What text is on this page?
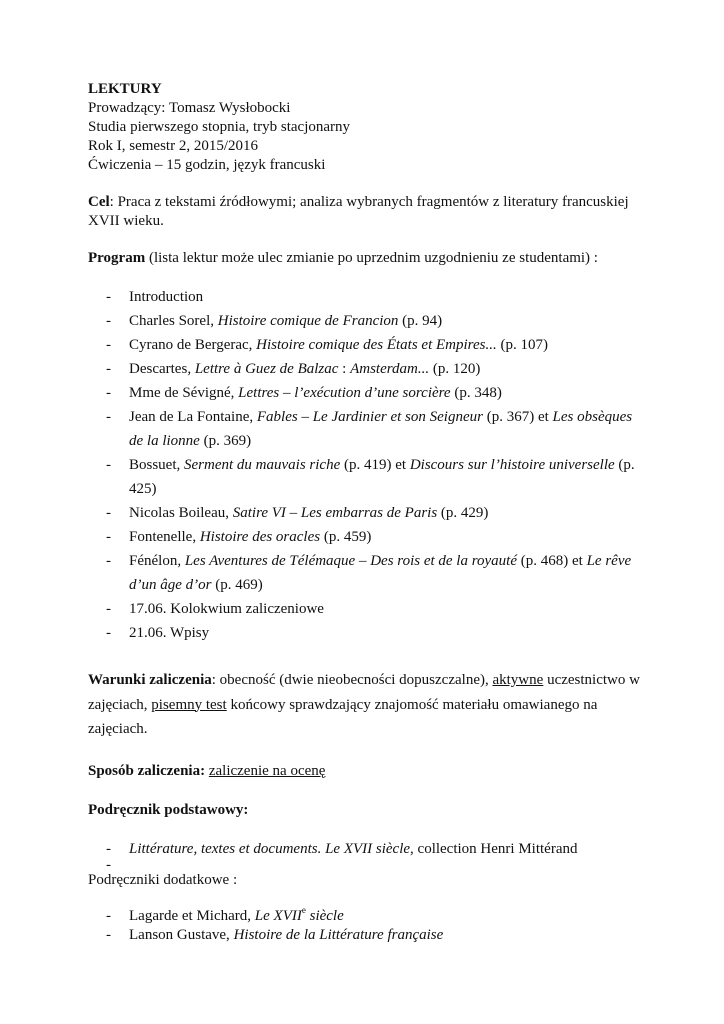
LEKTURY
Prowadzący: Tomasz Wysłobocki
Studia pierwszego stopnia, tryb stacjonarny
Rok I, semestr 2, 2015/2016
Ćwiczenia – 15 godzin, język francuski

Cel: Praca z tekstami źródłowymi; analiza wybranych fragmentów z literatury francuskiej XVII wieku.

Program (lista lektur może ulec zmianie po uprzednim uzgodnieniu ze studentami) :

- Introduction
- Charles Sorel, Histoire comique de Francion (p. 94)
- Cyrano de Bergerac, Histoire comique des États et Empires... (p. 107)
- Descartes, Lettre à Guez de Balzac : Amsterdam... (p. 120)
- Mme de Sévigné, Lettres – l’exécution d’une sorcière (p. 348)
- Jean de La Fontaine, Fables – Le Jardinier et son Seigneur (p. 367) et Les obsèques de la lionne (p. 369)
- Bossuet, Serment du mauvais riche (p. 419) et Discours sur l’histoire universelle (p. 425)
- Nicolas Boileau, Satire VI – Les embarras de Paris (p. 429)
- Fontenelle, Histoire des oracles (p. 459)
- Fénélon, Les Aventures de Télémaque – Des rois et de la royauté (p. 468) et Le rêve d’un âge d’or (p. 469)
- 17.06. Kolokwium zaliczeniowe
- 21.06. Wpisy

Warunki zaliczenia: obecność (dwie nieobecności dopuszczalne), aktywne uczestnictwo w zajęciach, pisemny test końcowy sprawdzający znajomość materiału omawianego na zajęciach.

Sposób zaliczenia: zaliczenie na ocenę

Podręcznik podstawowy:

- Littérature, textes et documents. Le XVII siècle, collection Henri Mittérand
-

Podręczniki dodatkowe :

- Lagarde et Michard, Le XVIIe siècle
- Lanson Gustave, Histoire de la Littérature française
